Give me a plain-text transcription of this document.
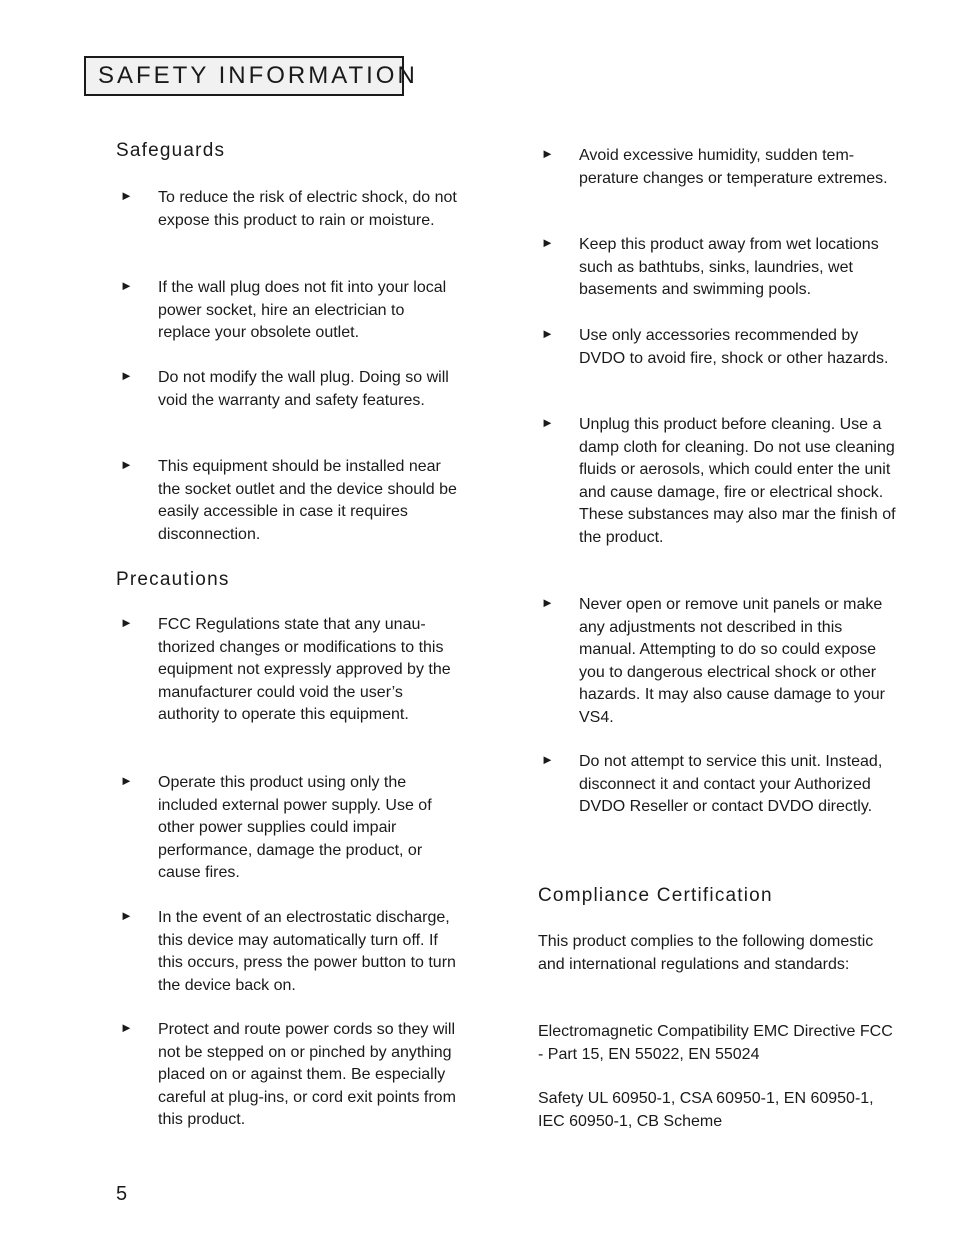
SAFETY INFORMATION
Safeguards
► To reduce the risk of electric shock, do not expose this product to rain or moisture.
► If the wall plug does not fit into your local power socket, hire an electrician to replace your obsolete outlet.
► Do not modify the wall plug. Doing so will void the warranty and safety features.
► This equipment should be installed near the socket outlet and the device should be easily accessible in case it requires disconnection.
Precautions
► FCC Regulations state that any unauthorized changes or modifications to this equipment not expressly approved by the manufacturer could void the user’s authority to operate this equipment.
► Operate this product using only the included external power supply. Use of other power supplies could impair performance, damage the product, or cause fires.
► In the event of an electrostatic discharge, this device may automatically turn off. If this occurs, press the power button to turn the device back on.
► Protect and route power cords so they will not be stepped on or pinched by anything placed on or against them. Be especially careful at plug-ins, or cord exit points from this product.
► Avoid excessive humidity, sudden temperature changes or temperature extremes.
► Keep this product away from wet locations such as bathtubs, sinks, laundries, wet basements and swimming pools.
► Use only accessories recommended by DVDO to avoid fire, shock or other hazards.
► Unplug this product before cleaning. Use a damp cloth for cleaning. Do not use cleaning fluids or aerosols, which could enter the unit and cause damage, fire or electrical shock. These substances may also mar the finish of the product.
► Never open or remove unit panels or make any adjustments not described in this manual. Attempting to do so could expose you to dangerous electrical shock or other hazards. It may also cause damage to your VS4.
► Do not attempt to service this unit. Instead, disconnect it and contact your Authorized DVDO Reseller or contact DVDO directly.
Compliance Certification
This product complies to the following domestic and international regulations and standards:
Electromagnetic Compatibility EMC Directive FCC - Part 15, EN 55022, EN 55024
Safety UL 60950-1, CSA 60950-1, EN 60950-1, IEC 60950-1, CB Scheme
5
